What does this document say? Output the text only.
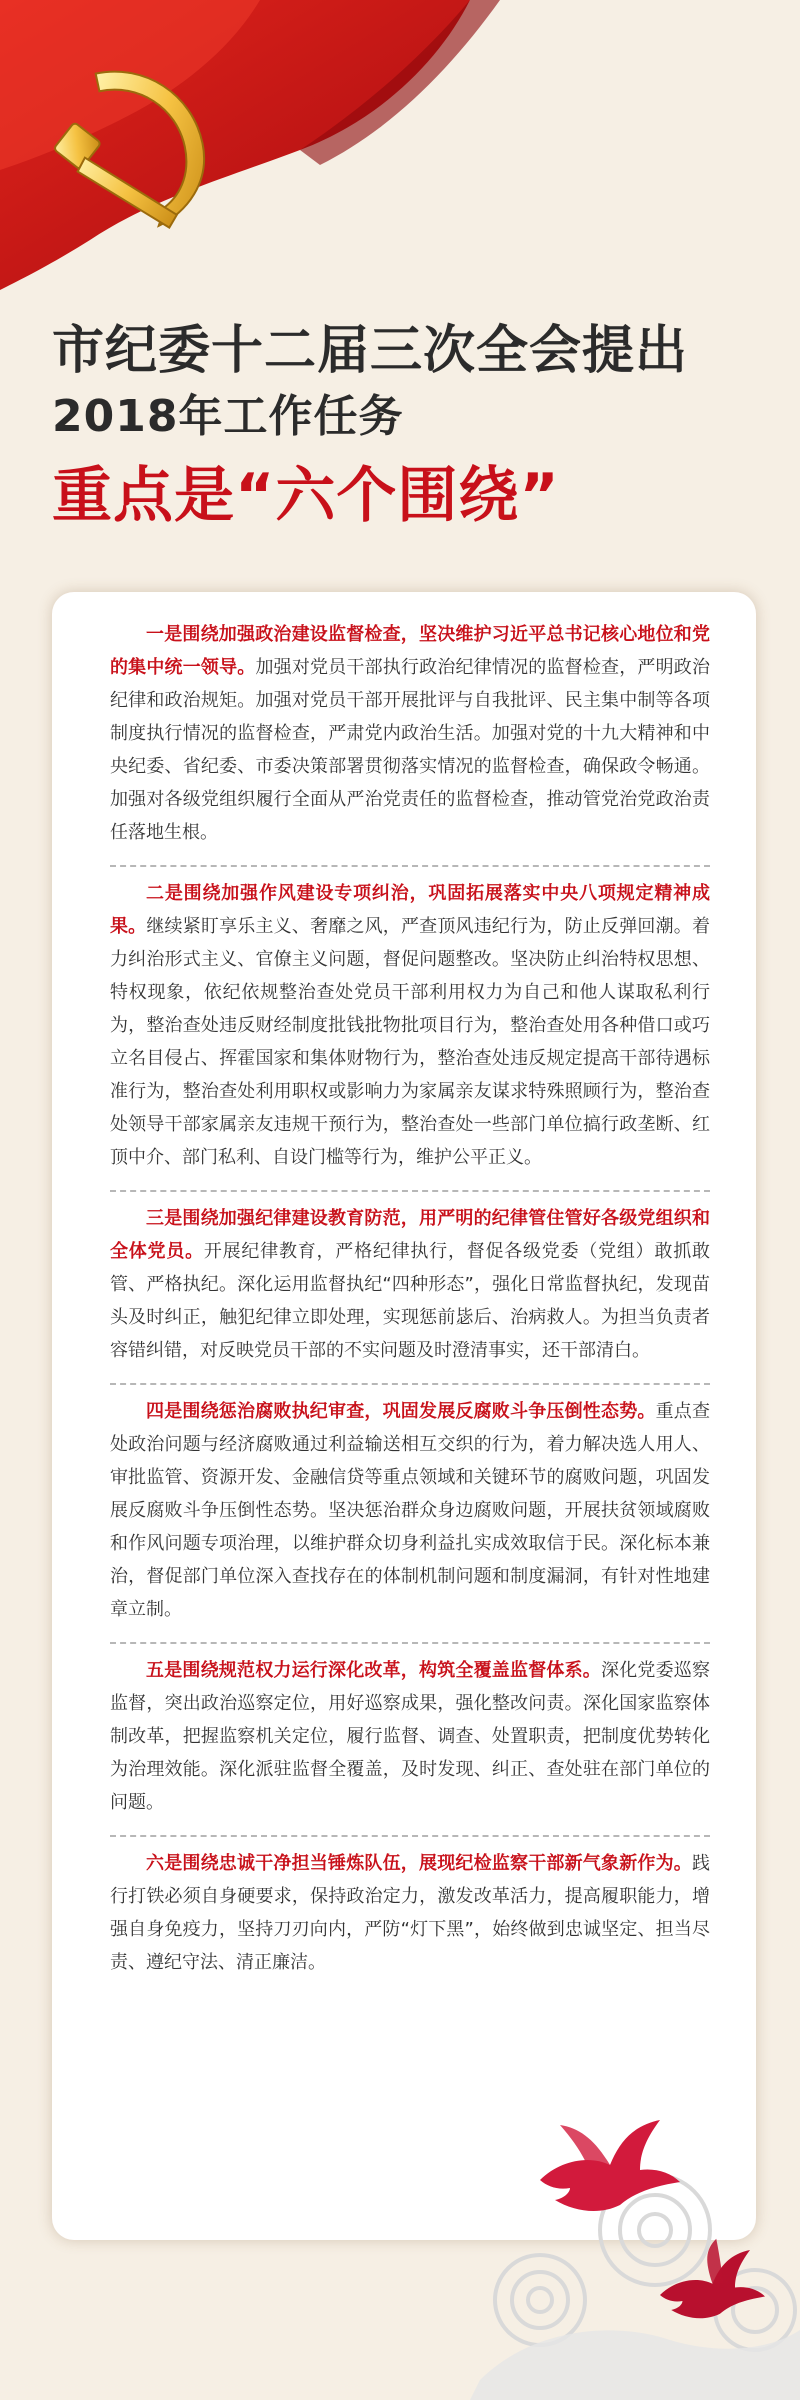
市纪委十二届三次全会提出
2018年工作任务
重点是“六个围绕”

一是围绕加强政治建设监督检查，坚决维护习近平总书记核心地位和党的集中统一领导。加强对党员干部执行政治纪律情况的监督检查，严明政治纪律和政治规矩。加强对党员干部开展批评与自我批评、民主集中制等各项制度执行情况的监督检查，严肃党内政治生活。加强对党的十九大精神和中央纪委、省纪委、市委决策部署贯彻落实情况的监督检查，确保政令畅通。加强对各级党组织履行全面从严治党责任的监督检查，推动管党治党政治责任落地生根。

二是围绕加强作风建设专项纠治，巩固拓展落实中央八项规定精神成果。继续紧盯享乐主义、奢靡之风，严查顶风违纪行为，防止反弹回潮。着力纠治形式主义、官僚主义问题，督促问题整改。坚决防止纠治特权思想、特权现象，依纪依规整治查处党员干部利用权力为自己和他人谋取私利行为，整治查处违反财经制度批钱批物批项目行为，整治查处用各种借口或巧立名目侵占、挥霍国家和集体财物行为，整治查处违反规定提高干部待遇标准行为，整治查处利用职权或影响力为家属亲友谋求特殊照顾行为，整治查处领导干部家属亲友违规干预行为，整治查处一些部门单位搞行政垄断、红顶中介、部门私利、自设门槛等行为，维护公平正义。

三是围绕加强纪律建设教育防范，用严明的纪律管住管好各级党组织和全体党员。开展纪律教育，严格纪律执行，督促各级党委（党组）敢抓敢管、严格执纪。深化运用监督执纪“四种形态”，强化日常监督执纪，发现苗头及时纠正，触犯纪律立即处理，实现惩前毖后、治病救人。为担当负责者容错纠错，对反映党员干部的不实问题及时澄清事实，还干部清白。

四是围绕惩治腐败执纪审查，巩固发展反腐败斗争压倒性态势。重点查处政治问题与经济腐败通过利益输送相互交织的行为，着力解决选人用人、审批监管、资源开发、金融信贷等重点领域和关键环节的腐败问题，巩固发展反腐败斗争压倒性态势。坚决惩治群众身边腐败问题，开展扶贫领域腐败和作风问题专项治理，以维护群众切身利益扎实成效取信于民。深化标本兼治，督促部门单位深入查找存在的体制机制问题和制度漏洞，有针对性地建章立制。

五是围绕规范权力运行深化改革，构筑全覆盖监督体系。深化党委巡察监督，突出政治巡察定位，用好巡察成果，强化整改问责。深化国家监察体制改革，把握监察机关定位，履行监督、调查、处置职责，把制度优势转化为治理效能。深化派驻监督全覆盖，及时发现、纠正、查处驻在部门单位的问题。

六是围绕忠诚干净担当锤炼队伍，展现纪检监察干部新气象新作为。践行打铁必须自身硬要求，保持政治定力，激发改革活力，提高履职能力，增强自身免疫力，坚持刀刃向内，严防“灯下黑”，始终做到忠诚坚定、担当尽责、遵纪守法、清正廉洁。
